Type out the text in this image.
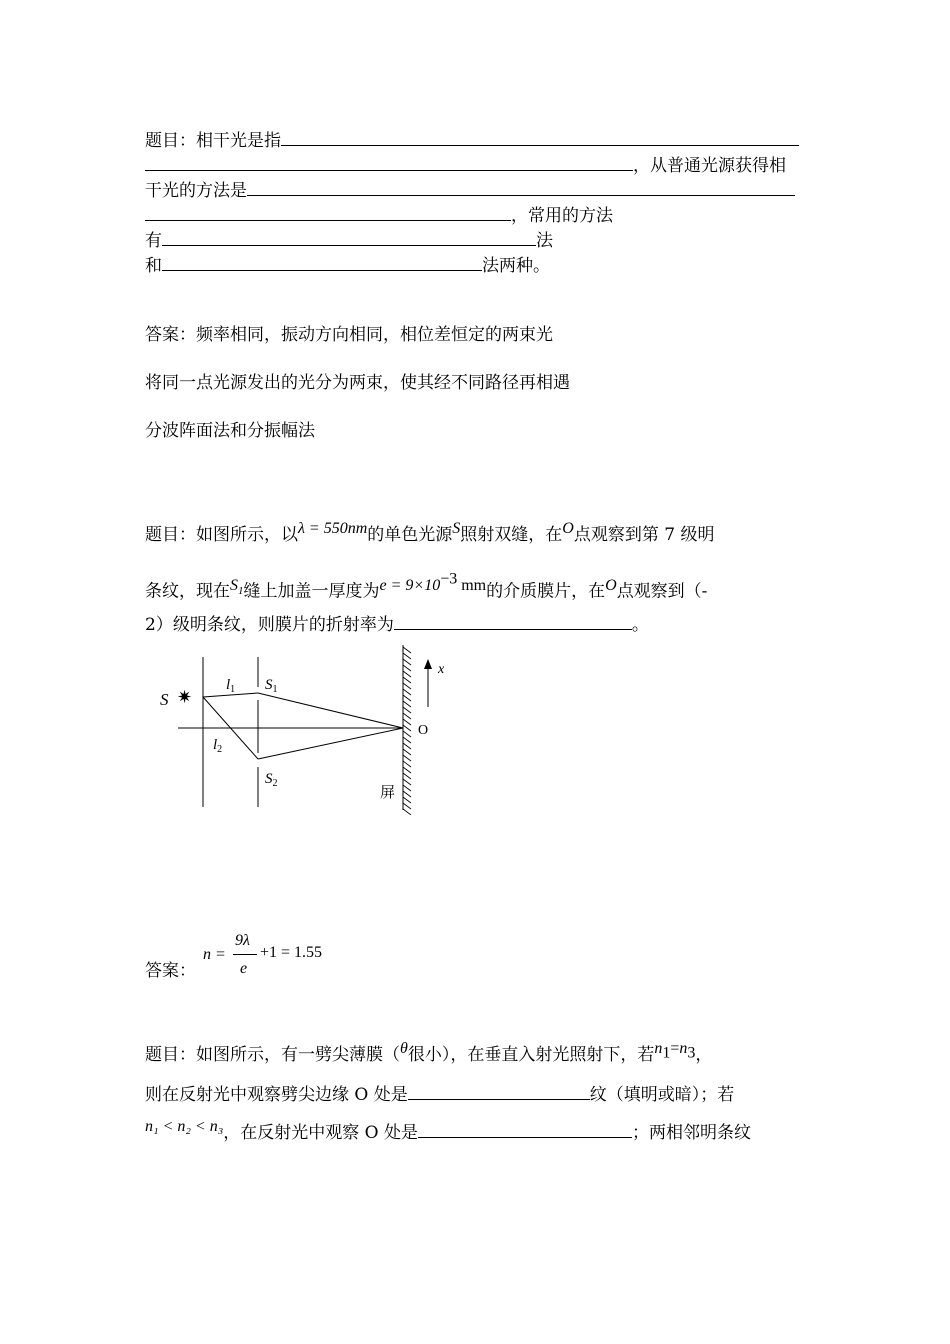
题目：相干光是指
，从普通光源获得相
干光的方法是
，常用的方法
有	法
和	法两种。
答案：频率相同，振动方向相同，相位差恒定的两束光
将同一点光源发出的光分为两束，使其经不同路径再相遇
分波阵面法和分振幅法
题目：如图所示，以λ = 550nm的单色光源S照射双缝，在O点观察到第 7 级明
条纹，现在$S_1$缝上加盖一厚度为$e = 9\times 10^{-3}$ mm的介质膜片，在O点观察到（-
2）级明条纹，则膜片的折射率为	。
S ✷
$l_1$
$l_2$
$S_1$
$S_2$
O
x
屏
答案：
n =
9λ
e
+1 = 1.55
题目：如图所示，有一劈尖薄膜（θ很小），在垂直入射光照射下，若$n_1=n_3$，
则在反射光中观察劈尖边缘 O 处是	纹（填明或暗）；若
n₁ < n₂ < n₃，在反射光中观察 O 处是	；两相邻明条纹
